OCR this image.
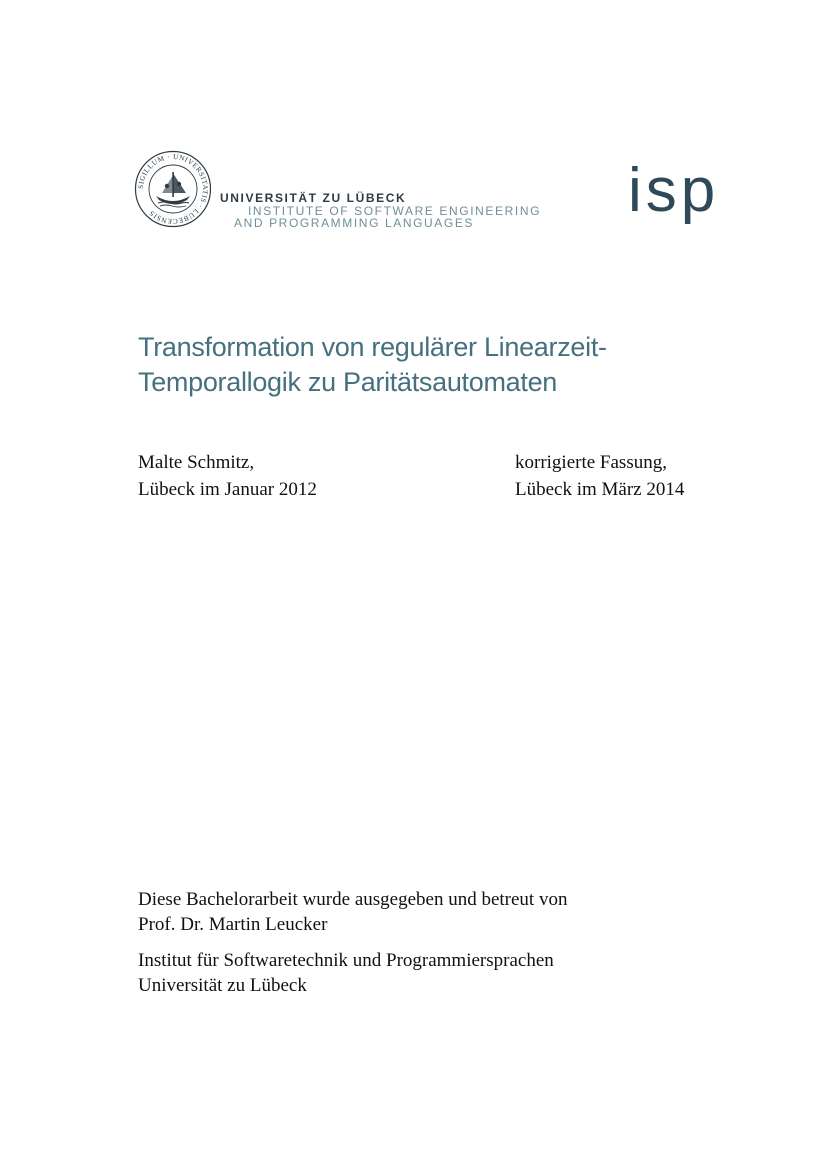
SIGILLUM · UNIVERSITATIS · LUBECENSIS
UNIVERSITÄT ZU LÜBECK
INSTITUTE OF SOFTWARE ENGINEERING
AND PROGRAMMING LANGUAGES	isp
Transformation von regulärer Linearzeit-
Temporallogik zu Paritätsautomaten
Malte Schmitz,
Lübeck im Januar 2012
korrigierte Fassung,
Lübeck im März 2014
Diese Bachelorarbeit wurde ausgegeben und betreut von
Prof. Dr. Martin Leucker
Institut für Softwaretechnik und Programmiersprachen
Universität zu Lübeck
